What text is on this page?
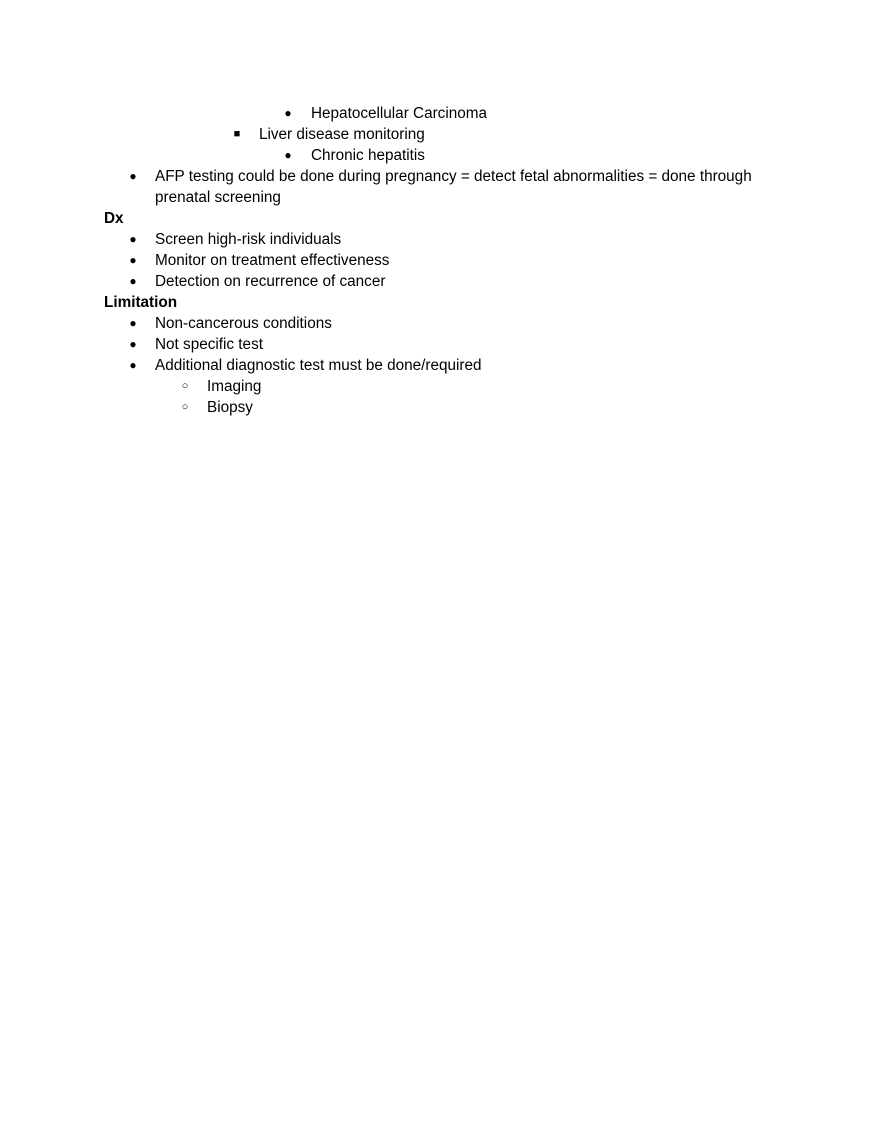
● Hepatocellular Carcinoma
■	Liver disease monitoring
● Chronic hepatitis
● AFP testing could be done during pregnancy = detect fetal abnormalities = done through
prenatal screening
Dx
● Screen high-risk individuals
● Monitor on treatment effectiveness
● Detection on recurrence of cancer
Limitation
● Non-cancerous conditions
● Not specific test
● Additional diagnostic test must be done/required
○	Imaging
○	Biopsy
